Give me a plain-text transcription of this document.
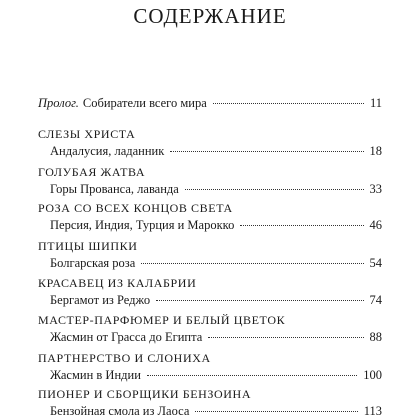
СОДЕРЖАНИЕ
Пролог. Собиратели всего мира	11
СЛЕЗЫ ХРИСТА
Андалусия, ладанник	18
ГОЛУБАЯ ЖАТВА
Горы Прованса, лаванда	33
РОЗА СО ВСЕХ КОНЦОВ СВЕТА
Персия, Индия, Турция и Марокко	46
ПТИЦЫ ШИПКИ
Болгарская роза	54
КРАСАВЕЦ ИЗ КАЛАБРИИ
Бергамот из Реджо	74
МАСТЕР-ПАРФЮМЕР И БЕЛЫЙ ЦВЕТОК
Жасмин от Грасса до Египта	88
ПАРТНЕРСТВО И СЛОНИХА
Жасмин в Индии	100
ПИОНЕР И СБОРЩИКИ БЕНЗОИНА
Бензойная смола из Лаоса	113
